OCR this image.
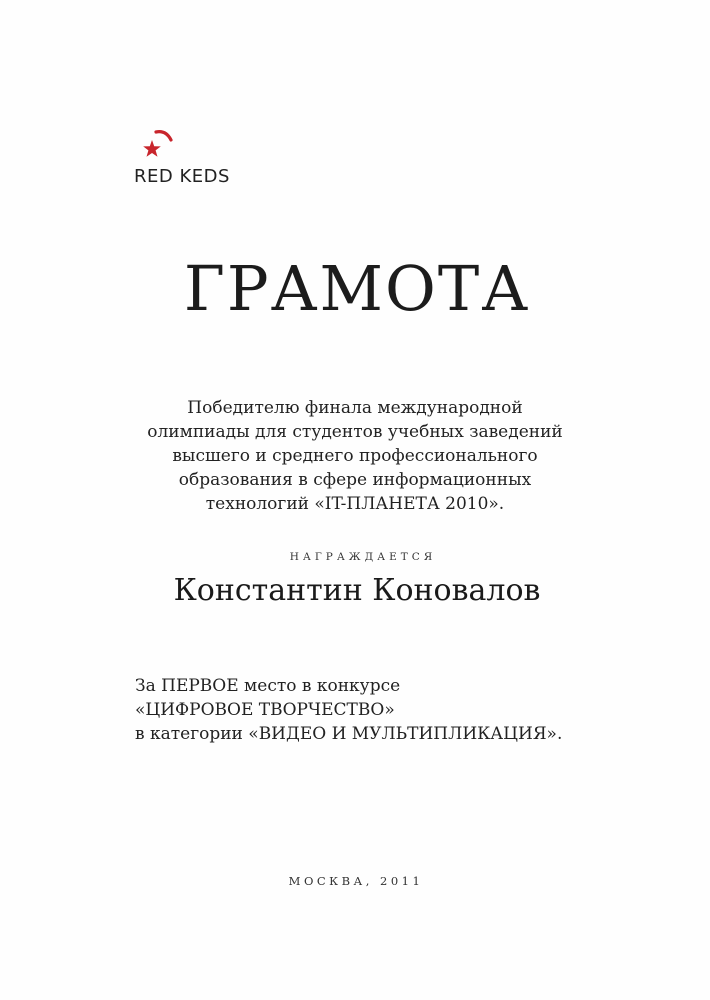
RED KEDS
ГРАМОТА
Победителю финала международной
олимпиады для студентов учебных заведений
высшего и среднего профессионального
образования в сфере информационных
технологий «IT-ПЛАНЕТА 2010».
НАГРАЖДАЕТСЯ
Константин Коновалов
За ПЕРВОЕ место в конкурсе
«ЦИФРОВОЕ ТВОРЧЕСТВО»
в категории «ВИДЕО И МУЛЬТИПЛИКАЦИЯ».
МОСКВА, 2011
